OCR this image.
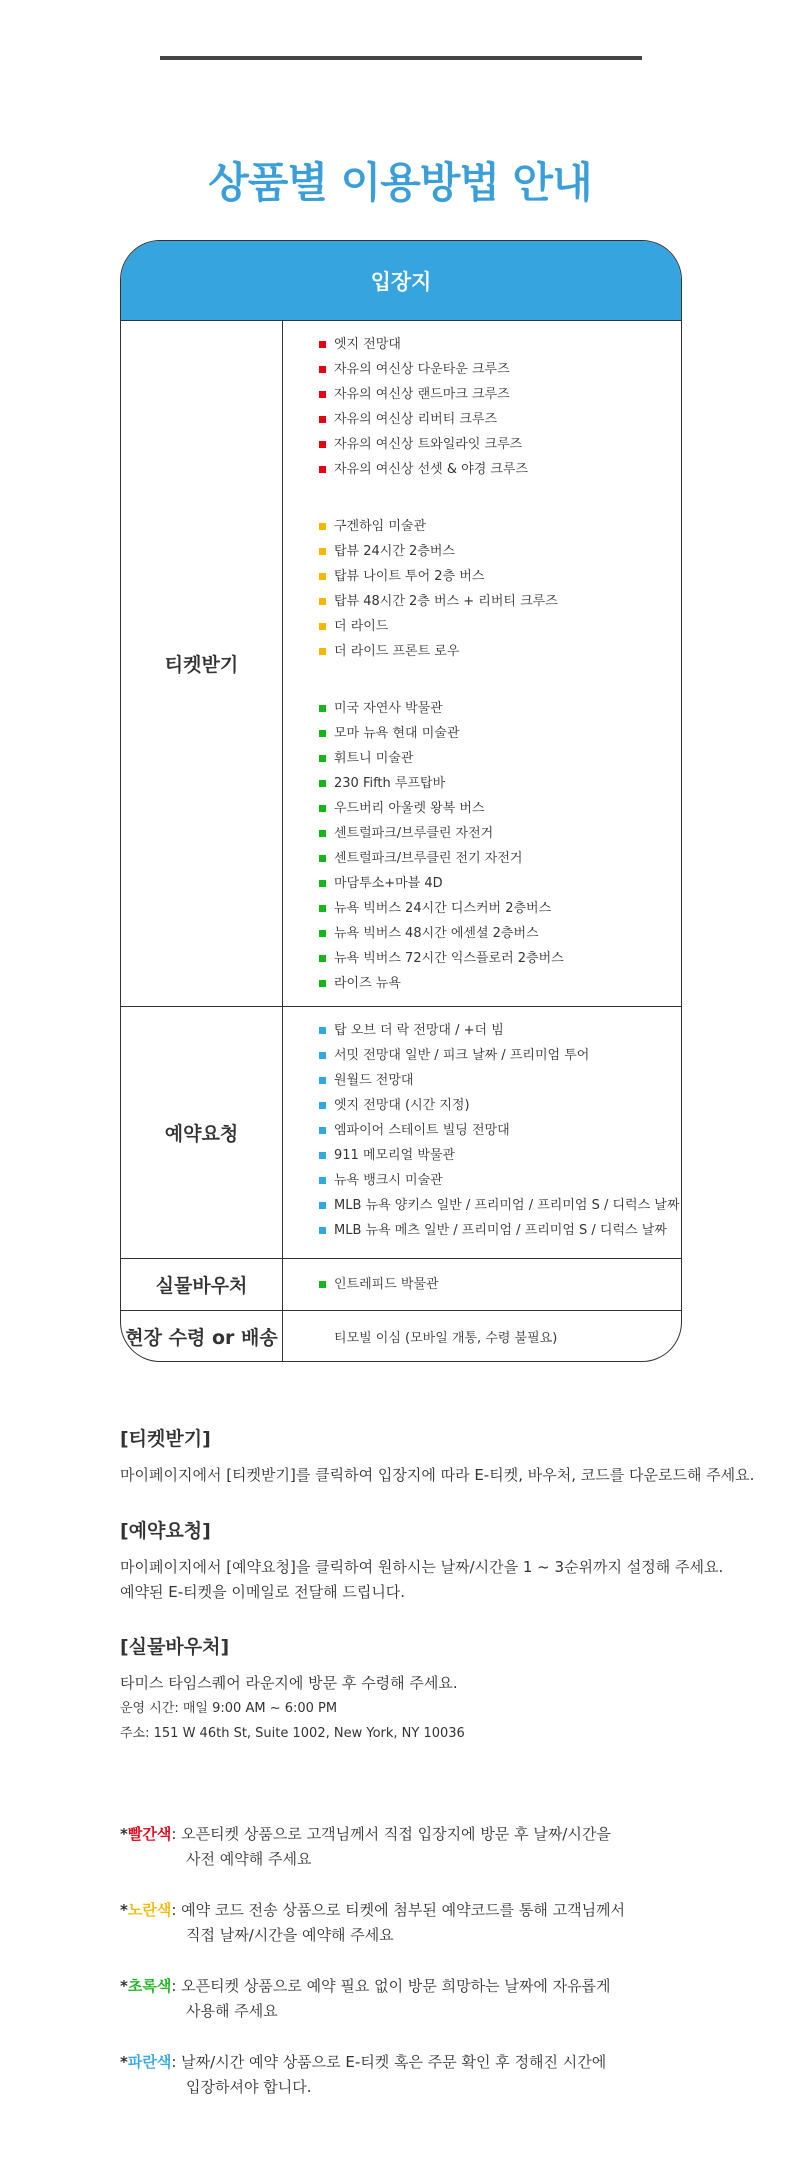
상품별 이용방법 안내
입장지
티켓받기
엣지 전망대
자유의 여신상 다운타운 크루즈
자유의 여신상 랜드마크 크루즈
자유의 여신상 리버티 크루즈
자유의 여신상 트와일라잇 크루즈
자유의 여신상 선셋 & 야경 크루즈
구겐하임 미술관
탑뷰 24시간 2층버스
탑뷰 나이트 투어 2층 버스
탑뷰 48시간 2층 버스 + 리버티 크루즈
더 라이드
더 라이드 프론트 로우
미국 자연사 박물관
모마 뉴욕 현대 미술관
휘트니 미술관
230 Fifth 루프탑바
우드버리 아울렛 왕복 버스
센트럴파크/브루클린 자전거
센트럴파크/브루클린 전기 자전거
마담투소+마블 4D
뉴욕 빅버스 24시간 디스커버 2층버스
뉴욕 빅버스 48시간 에센셜 2층버스
뉴욕 빅버스 72시간 익스플로러 2층버스
라이즈 뉴욕
예약요청
탑 오브 더 락 전망대 / +더 빔
서밋 전망대 일반 / 피크 날짜 / 프리미엄 투어
원월드 전망대
엣지 전망대 (시간 지정)
엠파이어 스테이트 빌딩 전망대
911 메모리얼 박물관
뉴욕 뱅크시 미술관
MLB 뉴욕 양키스 일반 / 프리미엄 / 프리미엄 S / 디럭스 날짜
MLB 뉴욕 메츠 일반 / 프리미엄 / 프리미엄 S / 디럭스 날짜
실물바우처	인트레피드 박물관
현장 수령 or 배송	티모빌 이심 (모바일 개통, 수령 불필요)
[티켓받기]

마이페이지에서 [티켓받기]를 클릭하여 입장지에 따라 E-티켓, 바우처, 코드를 다운로드해 주세요.

[예약요청]

마이페이지에서 [예약요청]을 클릭하여 원하시는 날짜/시간을 1 ~ 3순위까지 설정해 주세요.

예약된 E-티켓을 이메일로 전달해 드립니다.

[실물바우처]

타미스 타임스퀘어 라운지에 방문 후 수령해 주세요.

운영 시간: 매일 9:00 AM ~ 6:00 PM

주소: 151 W 46th St, Suite 1002, New York, NY 10036

*빨간색: 오픈티켓 상품으로 고객님께서 직접 입장지에 방문 후 날짜/시간을
사전 예약해 주세요
*노란색: 예약 코드 전송 상품으로 티켓에 첨부된 예약코드를 통해 고객님께서
직접 날짜/시간을 예약해 주세요
*초록색: 오픈티켓 상품으로 예약 필요 없이 방문 희망하는 날짜에 자유롭게
사용해 주세요
*파란색: 날짜/시간 예약 상품으로 E-티켓 혹은 주문 확인 후 정해진 시간에
입장하셔야 합니다.
